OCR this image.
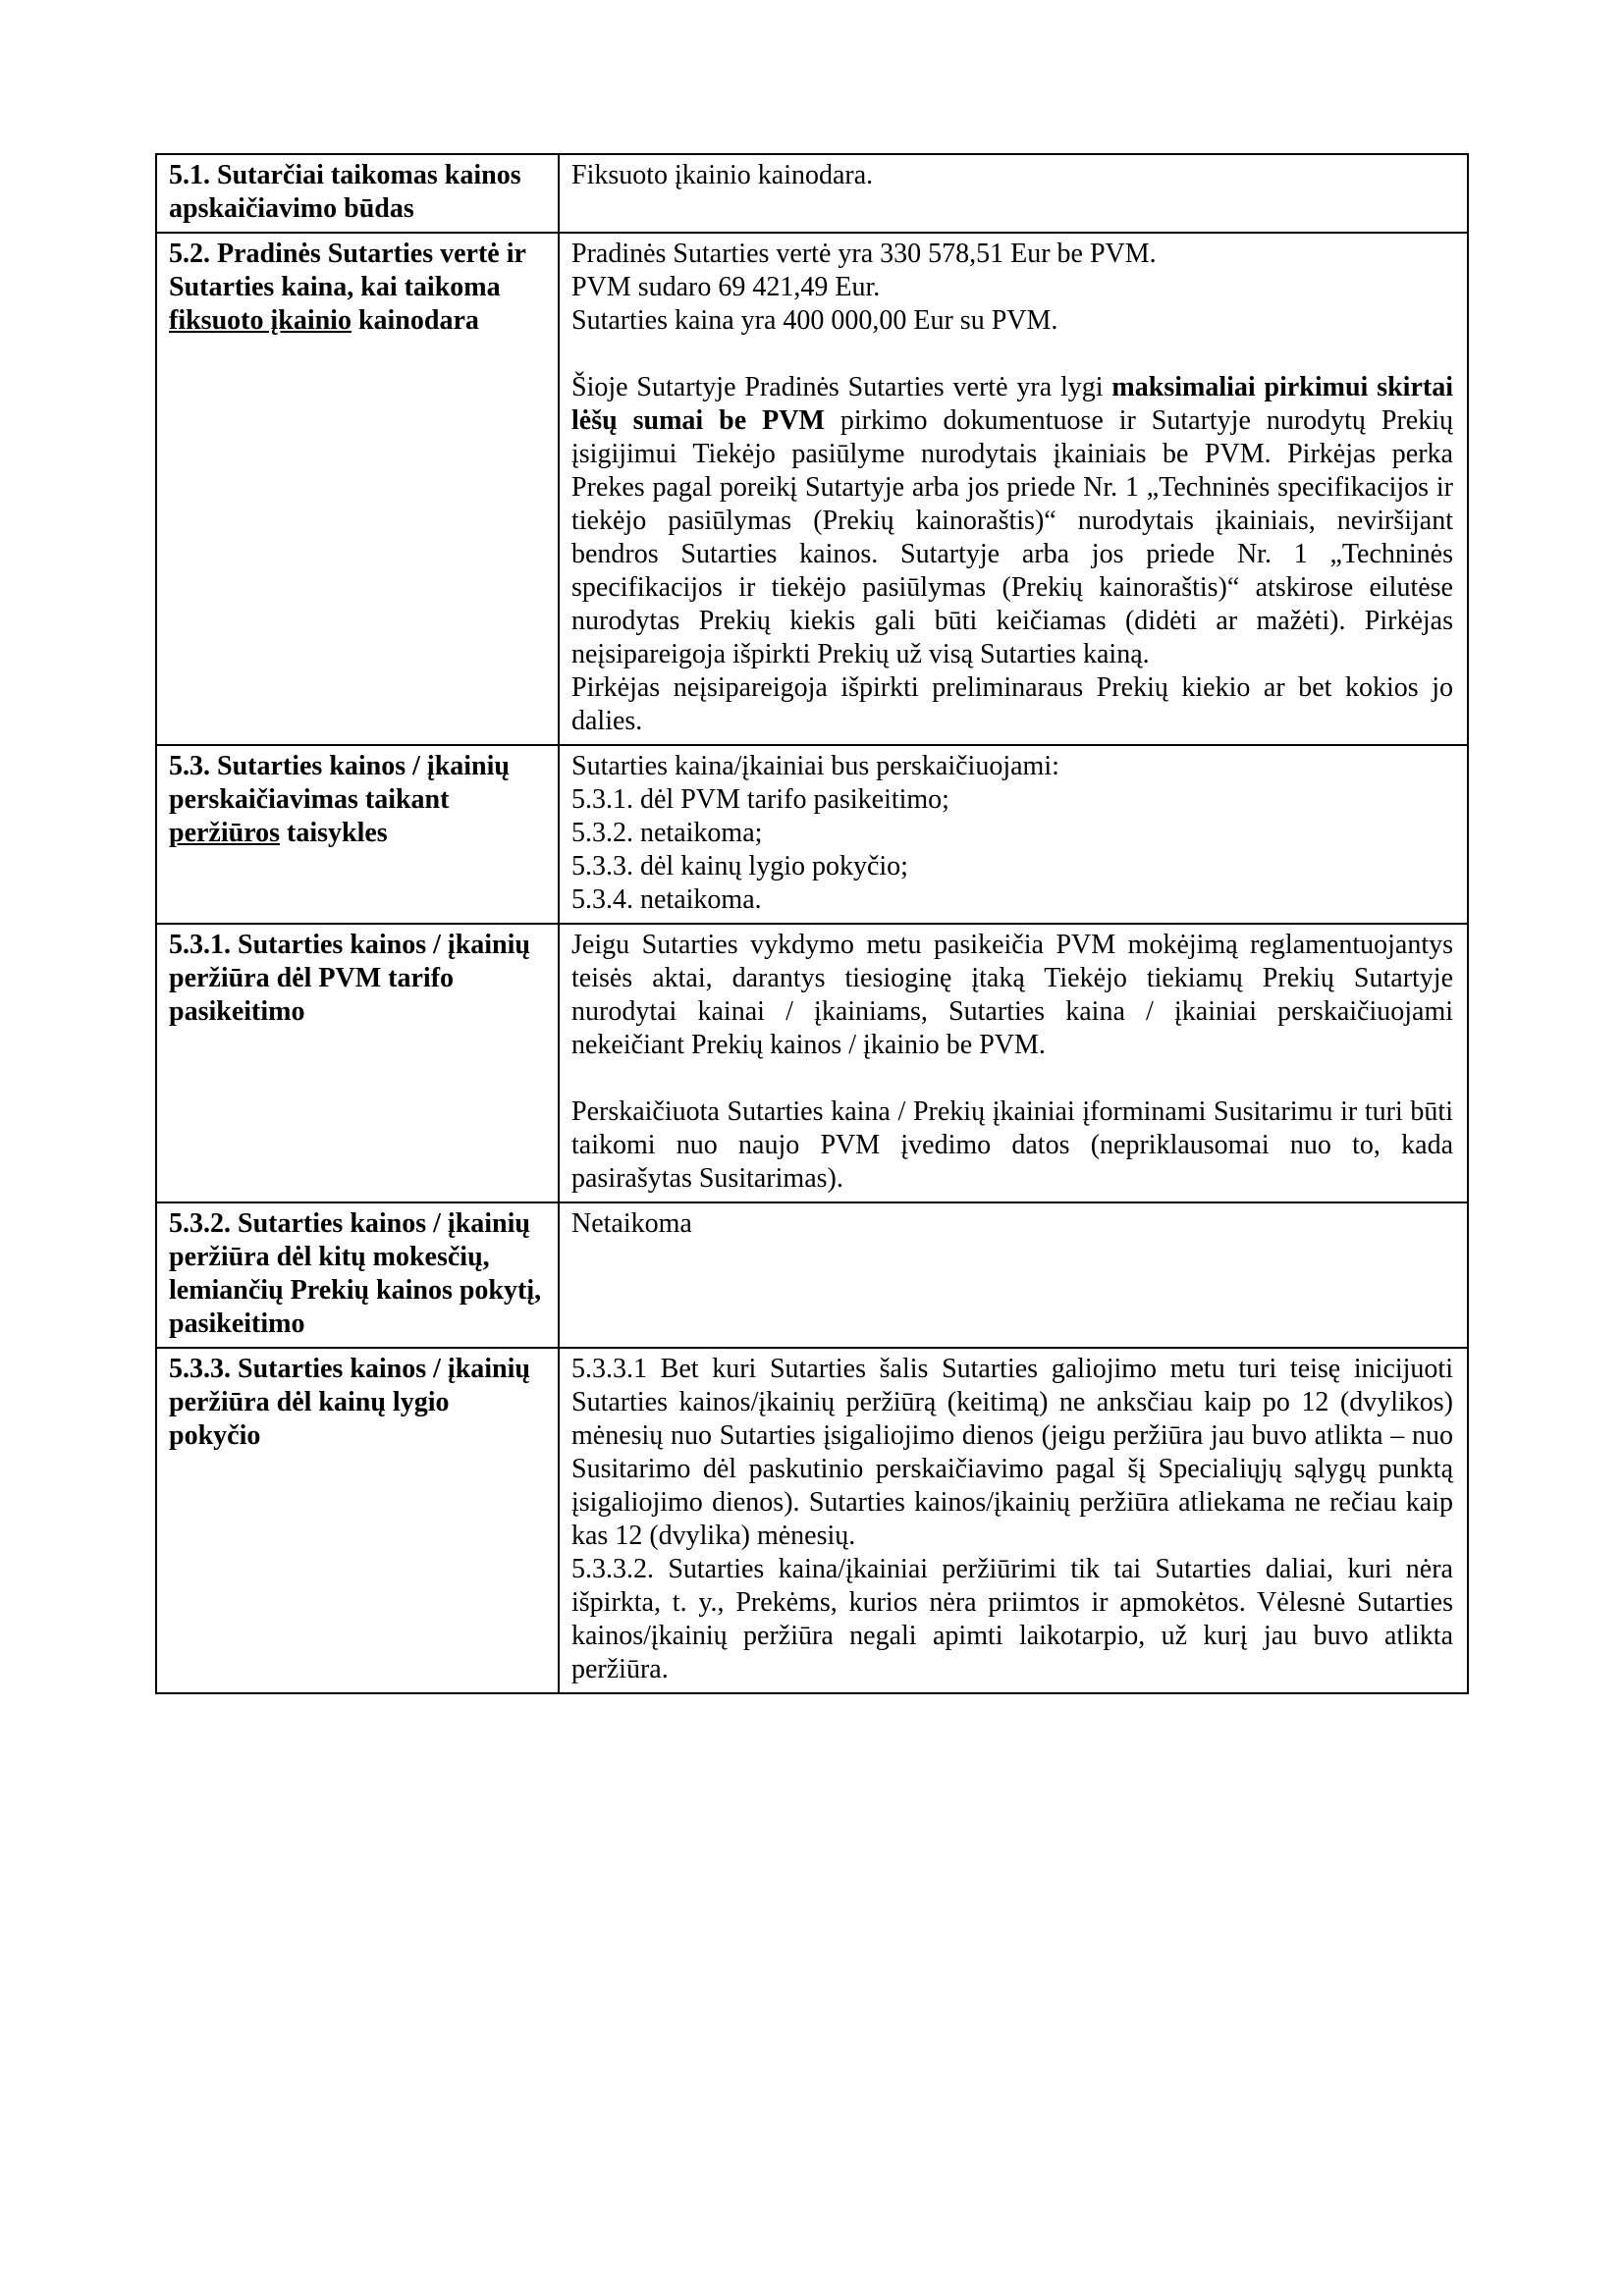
5.1. Sutarčiai taikomas kainos apskaičiavimo būdas	Fiksuoto įkainio kainodara.

5.2. Pradinės Sutarties vertė ir Sutarties kaina, kai taikoma fiksuoto įkainio kainodara	Pradinės Sutarties vertė yra 330 578,51 Eur be PVM.

PVM sudaro 69 421,49 Eur.

Sutarties kaina yra 400 000,00 Eur su PVM.

Šioje Sutartyje Pradinės Sutarties vertė yra lygi maksimaliai pirkimui skirtai lėšų sumai be PVM pirkimo dokumentuose ir Sutartyje nurodytų Prekių įsigijimui Tiekėjo pasiūlyme nurodytais įkainiais be PVM. Pirkėjas perka Prekes pagal poreikį Sutartyje arba jos priede Nr. 1 „Techninės specifikacijos ir tiekėjo pasiūlymas (Prekių kainoraštis)“ nurodytais įkainiais, neviršijant bendros Sutarties kainos. Sutartyje arba jos priede Nr. 1 „Techninės specifikacijos ir tiekėjo pasiūlymas (Prekių kainoraštis)“ atskirose eilutėse nurodytas Prekių kiekis gali būti keičiamas (didėti ar mažėti). Pirkėjas neįsipareigoja išpirkti Prekių už visą Sutarties kainą.

Pirkėjas neįsipareigoja išpirkti preliminaraus Prekių kiekio ar bet kokios jo dalies.

5.3. Sutarties kainos / įkainių perskaičiavimas taikant peržiūros taisykles	Sutarties kaina/įkainiai bus perskaičiuojami:

5.3.1. dėl PVM tarifo pasikeitimo;

5.3.2. netaikoma;

5.3.3. dėl kainų lygio pokyčio;

5.3.4. netaikoma.

5.3.1. Sutarties kainos / įkainių peržiūra dėl PVM tarifo pasikeitimo	Jeigu Sutarties vykdymo metu pasikeičia PVM mokėjimą reglamentuojantys teisės aktai, darantys tiesioginę įtaką Tiekėjo tiekiamų Prekių Sutartyje nurodytai kainai / įkainiams, Sutarties kaina / įkainiai perskaičiuojami nekeičiant Prekių kainos / įkainio be PVM.

Perskaičiuota Sutarties kaina / Prekių įkainiai įforminami Susitarimu ir turi būti taikomi nuo naujo PVM įvedimo datos (nepriklausomai nuo to, kada pasirašytas Susitarimas).

5.3.2. Sutarties kainos / įkainių peržiūra dėl kitų mokesčių, lemiančių Prekių kainos pokytį, pasikeitimo	Netaikoma

5.3.3. Sutarties kainos / įkainių peržiūra dėl kainų lygio pokyčio	5.3.3.1 Bet kuri Sutarties šalis Sutarties galiojimo metu turi teisę inicijuoti Sutarties kainos/įkainių peržiūrą (keitimą) ne anksčiau kaip po 12 (dvylikos) mėnesių nuo Sutarties įsigaliojimo dienos (jeigu peržiūra jau buvo atlikta – nuo Susitarimo dėl paskutinio perskaičiavimo pagal šį Specialiųjų sąlygų punktą įsigaliojimo dienos). Sutarties kainos/įkainių peržiūra atliekama ne rečiau kaip kas 12 (dvylika) mėnesių.

5.3.3.2. Sutarties kaina/įkainiai peržiūrimi tik tai Sutarties daliai, kuri nėra išpirkta, t. y., Prekėms, kurios nėra priimtos ir apmokėtos. Vėlesnė Sutarties kainos/įkainių peržiūra negali apimti laikotarpio, už kurį jau buvo atlikta peržiūra.
